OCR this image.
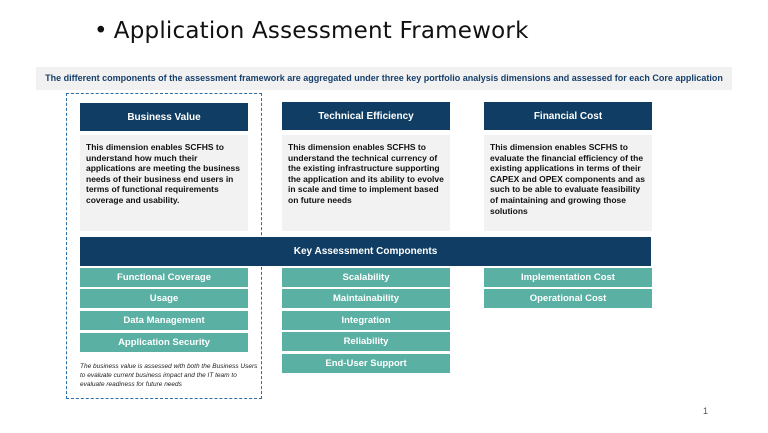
• Application Assessment Framework
The different components of the assessment framework are aggregated under three key portfolio analysis dimensions and assessed for each Core application
Business Value	Technical Efficiency	Financial Cost
This dimension enables SCFHS to understand how much their applications are meeting the business needs of their business end users in terms of functional requirements coverage and usability.
This dimension enables SCFHS to understand the technical currency of the existing infrastructure supporting the application and its ability to evolve in scale and time to implement based on future needs
This dimension enables SCFHS to evaluate the financial efficiency of the existing applications in terms of their CAPEX and OPEX components and as such to be able to evaluate feasibility of maintaining and growing those solutions
Key Assessment Components
Functional Coverage
Usage
Data Management
Application Security
Scalability
Maintainability
Integration
Reliability
End-User Support
Implementation Cost
Operational Cost
The business value is assessed with both the Business Users to evaluate current business impact and the IT team to evaluate readiness for future needs
1
